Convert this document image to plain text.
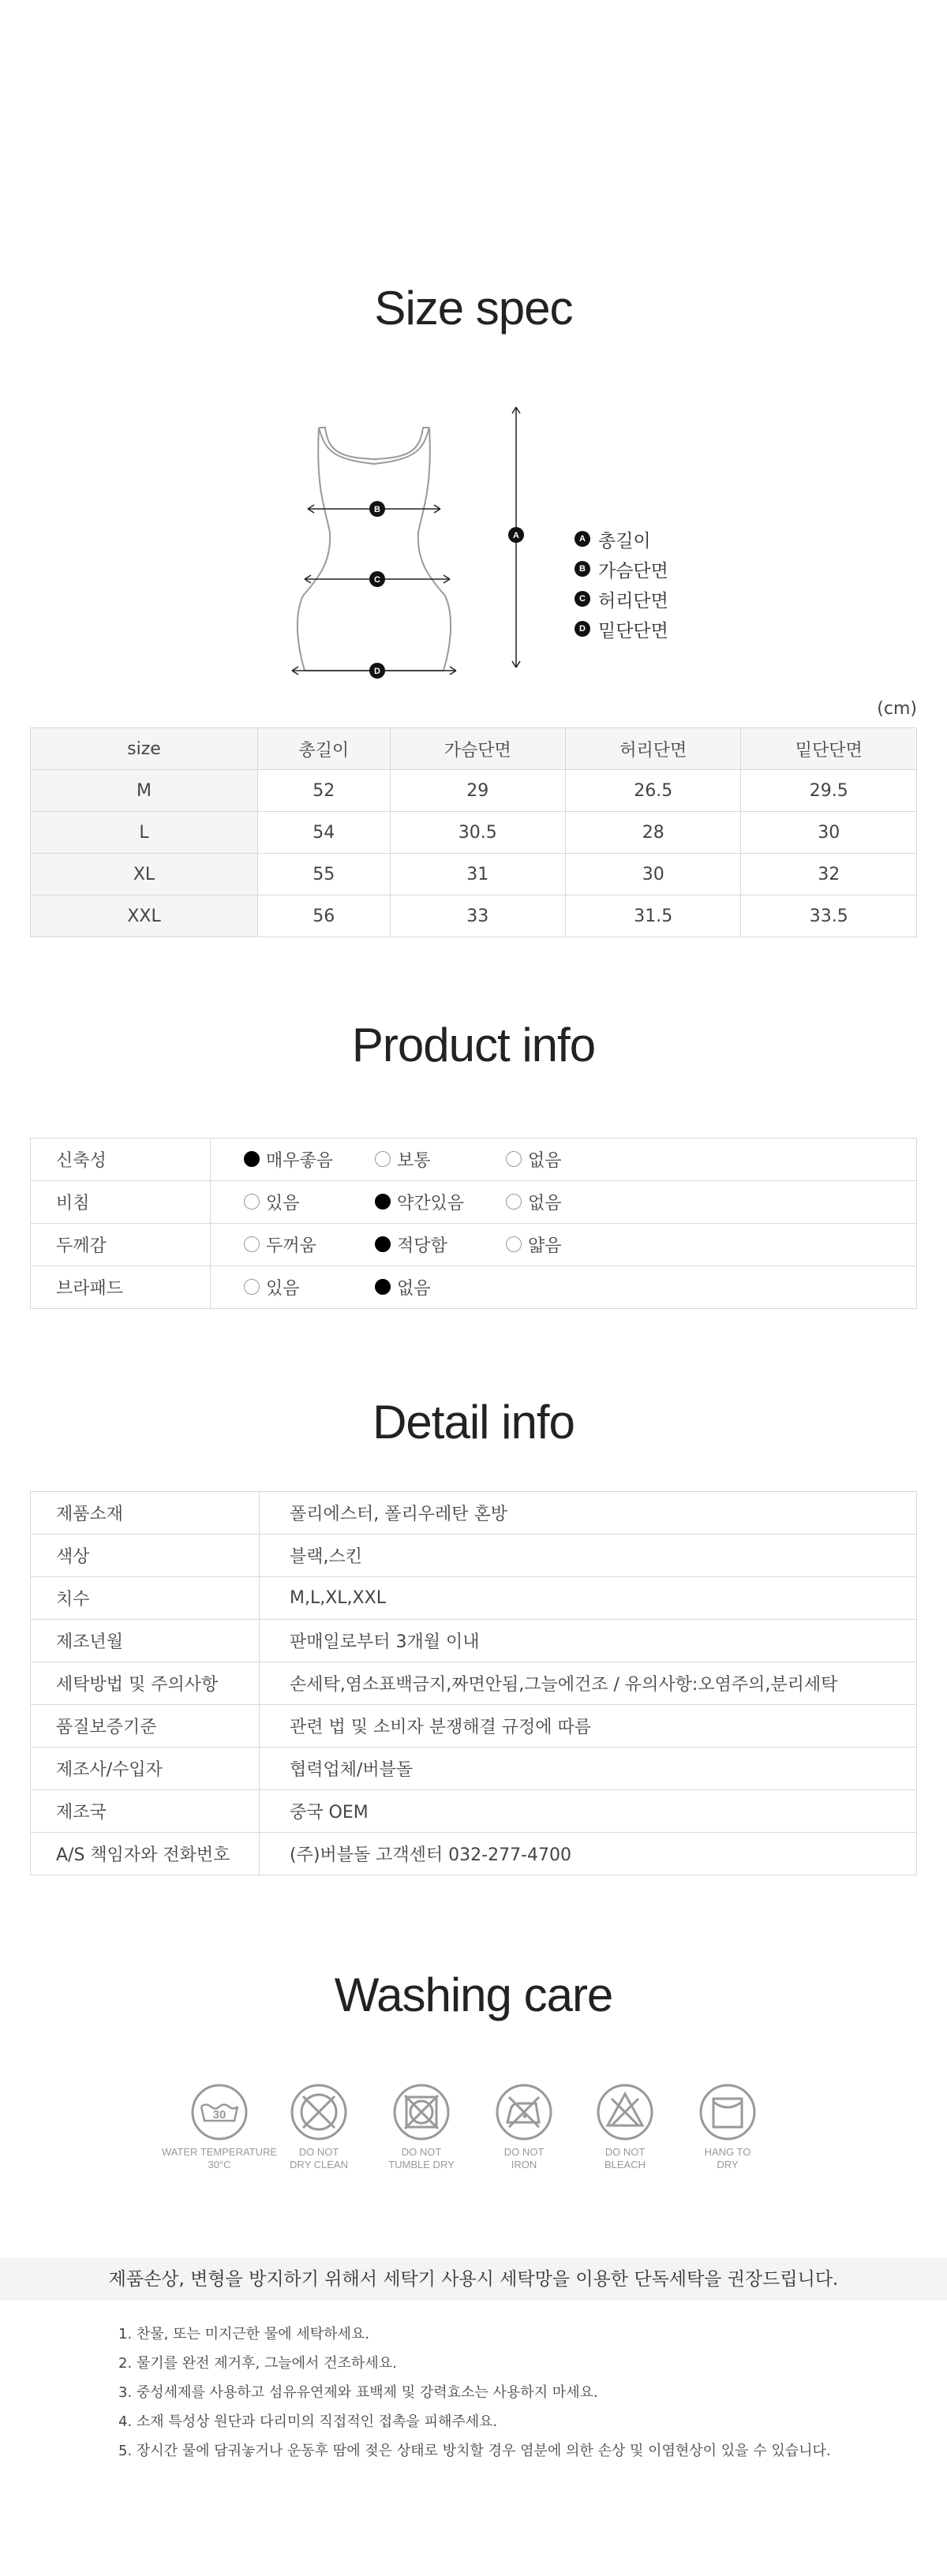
Size spec
B
C
D
A	A 총길이
B 가슴단면
C 허리단면
D 밑단단면
(cm)
size	총길이	가슴단면	허리단면	밑단단면
M	52	29	26.5	29.5
L	54	30.5	28	30
XL	55	31	30	32
XXL	56	33	31.5	33.5
Product info
신축성	매우좋음 보통 없음

비침	있음 약간있음 없음

두께감	두꺼움 적당함 얇음

브라패드	있음 없음
Detail info
제품소재	폴리에스터, 폴리우레탄 혼방
색상	블랙,스킨
치수	M,L,XL,XXL
제조년월	판매일로부터 3개월 이내
세탁방법 및 주의사항	손세탁,염소표백금지,짜면안됨,그늘에건조 / 유의사항:오염주의,분리세탁
품질보증기준	관련 법 및 소비자 분쟁해결 규정에 따름
제조사/수입자	협력업체/버블돌
제조국	중국 OEM
A/S 책임자와 전화번호	(주)버블돌 고객센터 032-277-4700
Washing care
30
WATER TEMPERATURE
30°C
DO NOT
DRY CLEAN
DO NOT
TUMBLE DRY
DO NOT
IRON
DO NOT
BLEACH
HANG TO
DRY
제품손상, 변형을 방지하기 위해서 세탁기 사용시 세탁망을 이용한 단독세탁을 권장드립니다.
1. 찬물, 또는 미지근한 물에 세탁하세요.
2. 물기를 완전 제거후, 그늘에서 건조하세요.
3. 중성세제를 사용하고 섬유유연제와 표백제 및 강력효소는 사용하지 마세요.
4. 소재 특성상 원단과 다리미의 직접적인 접촉을 피해주세요.
5. 장시간 물에 담궈놓거나 운동후 땀에 젖은 상태로 방치할 경우 염분에 의한 손상 및 이염현상이 있을 수 있습니다.
